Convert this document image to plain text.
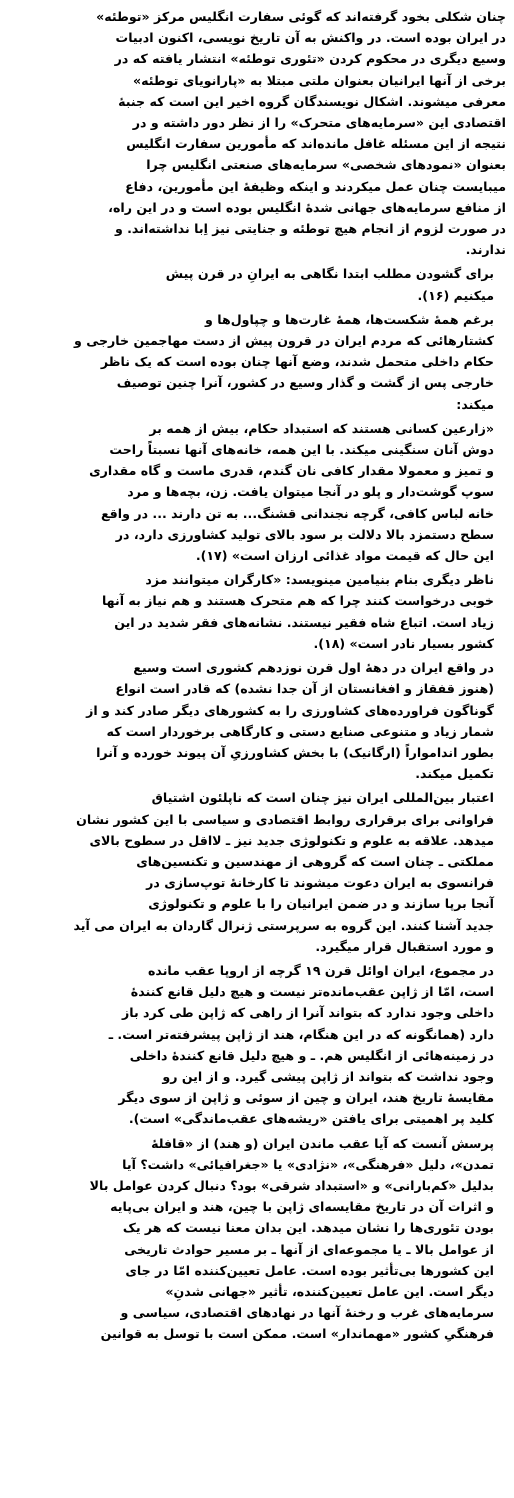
چنان شکلی بخود گرفته‌اند که گوئی سفارت انگلیس مرکز «توطئه»
در ایران بوده است. در واکنش به آن تاریخ نویسی، اکنون ادبیات
وسیع دیگری در محکوم کردن «تئوری توطئه» انتشار یافته که در
برخی از آنها ایرانیان بعنوان ملتی مبتلا به «پارانویای توطئه»
معرفی میشوند. اشکال نویسندگان گروه اخیر این است که جنبهٔ
اقتصادی این «سرمایه‌های متحرک» را از نظر دور داشته و در
نتیجه از این مسئله غافل مانده‌اند که مأمورین سفارت انگلیس
بعنوان «نمودهای شخصی» سرمایه‌های صنعتی انگلیس چرا
میبایست چنان عمل میکردند و اینکه وظیفهٔ این مأمورین، دفاع
از منافع سرمایه‌های جهانی شدهٔ انگلیس بوده است و در این راه،
در صورت لزوم از انجام هیچ توطئه و جنایتی نیز اِبا نداشته‌اند. و
ندارند.
برای گشودن مطلب ابتدا نگاهی به ایرانِ در قرن پیش
میکنیم (۱۶).
برغم همهٔ شکست‌ها، همهٔ غارت‌ها و چپاول‌ها و
کشتارهائی که مردم ایران در قرون پیش از دست مهاجمین خارجی و
حکام داخلی متحمل شدند، وضع آنها چنان بوده است که یک ناظر
خارجی پس از گشت و گذار وسیع در کشور، آنرا چنین توصیف
میکند:
«زارعین کسانی هستند که استبداد حکام، بیش از همه بر
دوش آنان سنگینی میکند. با این همه، خانه‌های آنها نسبتاً راحت
و تمیز و معمولا مقدار کافی نان گندم، قدری ماست و گاه مقداری
سوپ گوشت‌دار و پلو در آنجا میتوان یافت. زن، بچه‌ها و مرد
خانه لباس کافی، گرچه نجندانی قشنگ... به تن دارند ... در واقع
سطح دستمزد بالا دلالت بر سود بالای تولید کشاورزی دارد، در
این حال که قیمت مواد غذائی ارزان است» (۱۷).
ناظر دیگری بنام بنیامین مینویسد: «کارگران میتوانند مزد
خوبی درخواست کنند چرا که هم متحرک هستند و هم نیاز به آنها
زیاد است. اتباع شاه فقیر نیستند. نشانه‌های فقر شدید در این
کشور بسیار نادر است» (۱۸).
در واقع ایران در دههٔ اول قرن نوزدهم کشوری است وسیع
(هنوز قفقاز و افغانستان از آن جدا نشده) که قادر است انواع
گوناگون فراورده‌های کشاورزی را به کشورهای دیگر صادر کند و از
شمار زیاد و متنوعی صنایع دستی و کارگاهی برخوردار است که
بطور اندامواراً (ارگانیک) با بخش کشاورزیِ آن پیوند خورده و آنرا
تکمیل میکند.
اعتبار بین‌المللی ایران نیز چنان است که ناپلئون اشتیاق
فراوانی برای برقراری روابط اقتصادی و سیاسی با این کشور نشان
میدهد. علاقه به علوم و تکنولوژی جدید نیز ـ لااقل در سطوح بالای
مملکتی ـ چنان است که گروهی از مهندسین و تکنسین‌های
فرانسوی به ایران دعوت میشوند تا کارخانهٔ توپ‌سازی در
آنجا برپا سازند و در ضمن ایرانیان را با علوم و تکنولوژی
جدید آشنا کنند. این گروه به سرپرستی ژنرال گاردان به ایران می آید
و مورد استقبال قرار میگیرد.
در مجموع، ایران اوائل قرن ۱۹ گرچه از اروپا عقب مانده
است، امّا از ژاپن عقب‌مانده‌تر نیست و هیچ دلیل قانع کنندهٔ
داخلی وجود ندارد که بتواند آنرا از راهی که ژاپن طی کرد باز
دارد (همانگونه که در این هنگام، هند از ژاپن پیشرفته‌تر است. ـ
در زمینه‌هائی از انگلیس هم. ـ و هیچ دلیل قانع کنندهٔ داخلی
وجود نداشت که بتواند از ژاپن پیشی گیرد. و از این رو
مقایسهٔ تاریخ هند، ایران و چین از سوئی و ژاپن از سوی دیگر
کلید پر اهمیتی برای یافتن «ریشه‌های عقب‌ماندگی» است).
پرسش آنست که آیا عقب ماندن ایران (و هند) از «قافلهٔ
تمدن»، دلیل «فرهنگی»، «نژادی» یا «جغرافیائی» داشت؟ آیا
بدلیل «کم‌بارانی» و «استبداد شرقی» بود؟ دنبال کردن عوامل بالا
و اثرات آن در تاریخ مقایسه‌ای ژاپن با چین، هند و ایران بی‌پایه
بودن تئوری‌ها را نشان میدهد. این بدان معنا نیست که هر یک
از عوامل بالا ـ یا مجموعه‌ای از آنها ـ بر مسیر حوادث تاریخی
این کشورها بی‌تأثیر بوده است. عامل تعیین‌کننده امّا در جای
دیگر است. این عامل تعیین‌کننده، تأثیر «جهانی شدنِ»
سرمایه‌های غرب و رخنهٔ آنها در نهادهای اقتصادی، سیاسی و
فرهنگیِ کشور «مهماندار» است. ممکن است با توسل به قوانین
